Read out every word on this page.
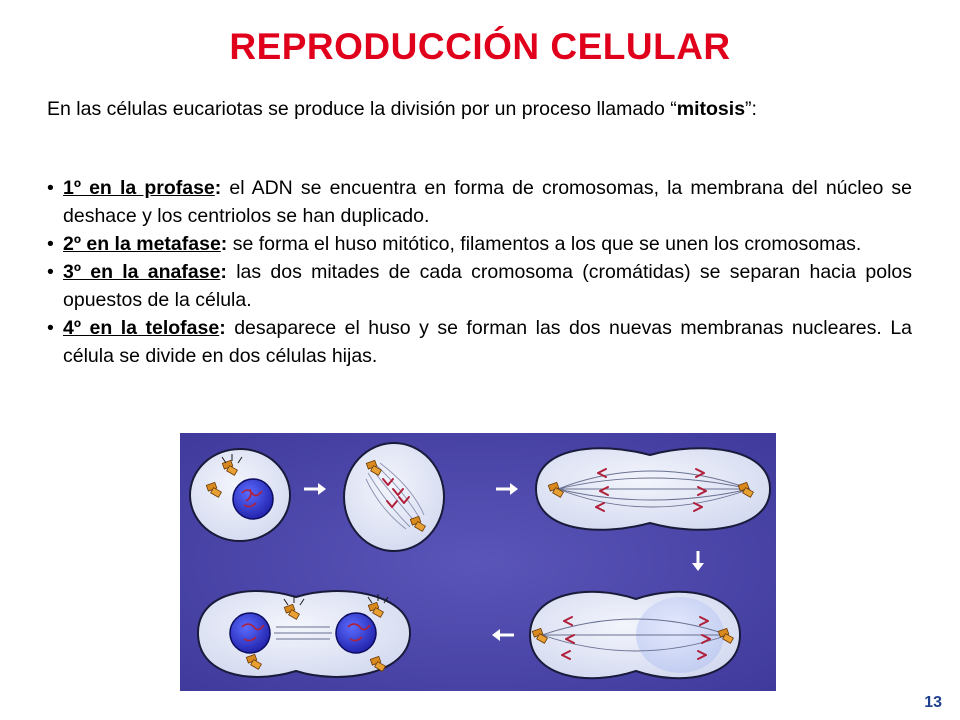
REPRODUCCIÓN CELULAR

En las células eucariotas se produce la división por un proceso llamado “mitosis”:

• 1º en la profase: el ADN se encuentra en forma de cromosomas, la membrana del núcleo se deshace y los centriolos se han duplicado.
• 2º en la metafase: se forma el huso mitótico, filamentos a los que se unen los cromosomas.
• 3º en la anafase: las dos mitades de cada cromosoma (cromátidas) se separan hacia polos opuestos de la célula.
• 4º en la telofase: desaparece el huso y se forman las dos nuevas membranas nucleares. La célula se divide en dos células hijas.
13
